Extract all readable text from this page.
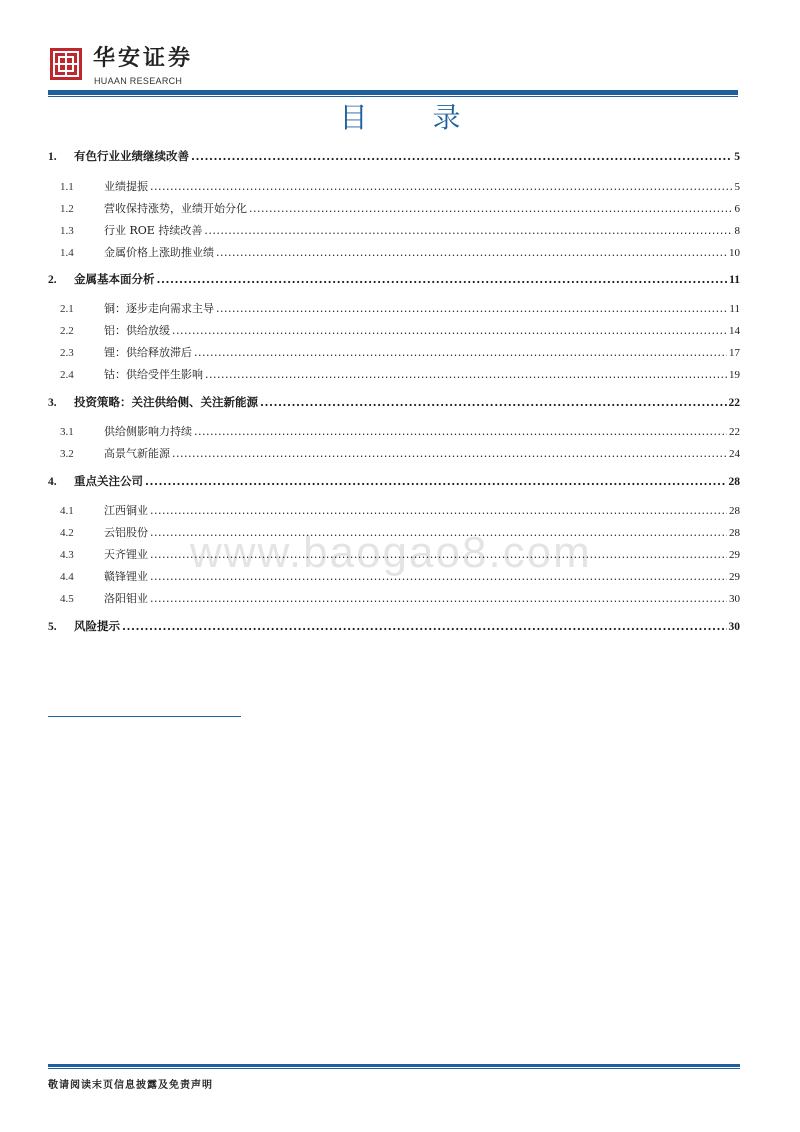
华安证券
HUAAN RESEARCH
目 录
www.baogao8.com
1.	有色行业业绩继续改善 .....	5
1.1	业绩提振 .....	5
1.2	营收保持涨势，业绩开始分化 .....	6
1.3	行业 ROE 持续改善 .....	8
1.4	金属价格上涨助推业绩 .....	10
2.	金属基本面分析 .....	11
2.1	铜：逐步走向需求主导 .....	11
2.2	铝：供给放缓 .....	14
2.3	锂：供给释放滞后 .....	17
2.4	钴：供给受伴生影响 .....	19
3.	投资策略：关注供给侧、关注新能源 .....	22
3.1	供给侧影响力持续 .....	22
3.2	高景气新能源 .....	24
4.	重点关注公司 .....	28
4.1	江西铜业 .....	28
4.2	云铝股份 .....	28
4.3	天齐锂业 .....	29
4.4	赣锋锂业 .....	29
4.5	洛阳钼业 .....	30
5.	风险提示 .....	30
敬请阅读末页信息披露及免责声明
